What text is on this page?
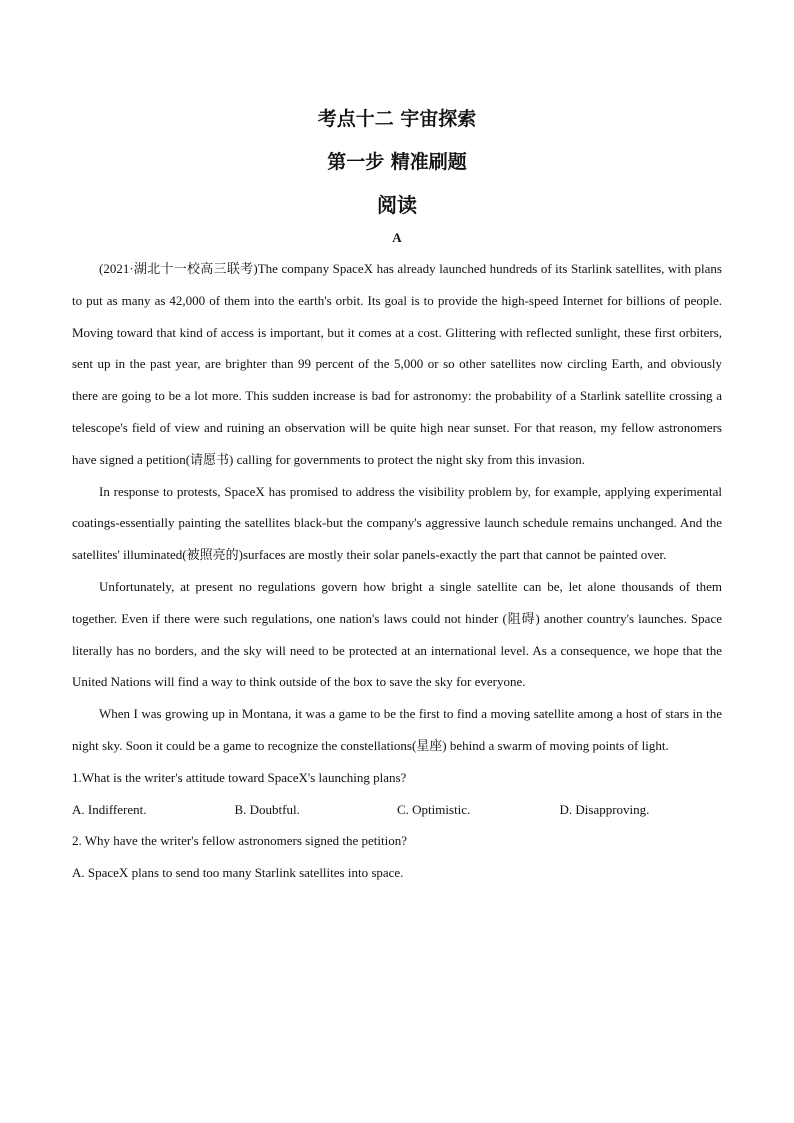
考点十二 宇宙探索
第一步 精准刷题
阅读
A

(2021·湖北十一校高三联考)The company SpaceX has already launched hundreds of its Starlink satellites, with plans to put as many as 42,000 of them into the earth's orbit. Its goal is to provide the high-speed Internet for billions of people. Moving toward that kind of access is important, but it comes at a cost. Glittering with reflected sunlight, these first orbiters, sent up in the past year, are brighter than 99 percent of the 5,000 or so other satellites now circling Earth, and obviously there are going to be a lot more. This sudden increase is bad for astronomy: the probability of a Starlink satellite crossing a telescope's field of view and ruining an observation will be quite high near sunset. For that reason, my fellow astronomers have signed a petition(请愿书) calling for governments to protect the night sky from this invasion.

In response to protests, SpaceX has promised to address the visibility problem by, for example, applying experimental coatings-essentially painting the satellites black-but the company's aggressive launch schedule remains unchanged. And the satellites' illuminated(被照亮的)surfaces are mostly their solar panels-exactly the part that cannot be painted over.

Unfortunately, at present no regulations govern how bright a single satellite can be, let alone thousands of them together. Even if there were such regulations, one nation's laws could not hinder (阻碍) another country's launches. Space literally has no borders, and the sky will need to be protected at an international level. As a consequence, we hope that the United Nations will find a way to think outside of the box to save the sky for everyone.

When I was growing up in Montana, it was a game to be the first to find a moving satellite among a host of stars in the night sky. Soon it could be a game to recognize the constellations(星座) behind a swarm of moving points of light.

1.What is the writer's attitude toward SpaceX's launching plans?

A. Indifferent.	B. Doubtful.	C. Optimistic.	D. Disapproving.

2. Why have the writer's fellow astronomers signed the petition?

A. SpaceX plans to send too many Starlink satellites into space.
